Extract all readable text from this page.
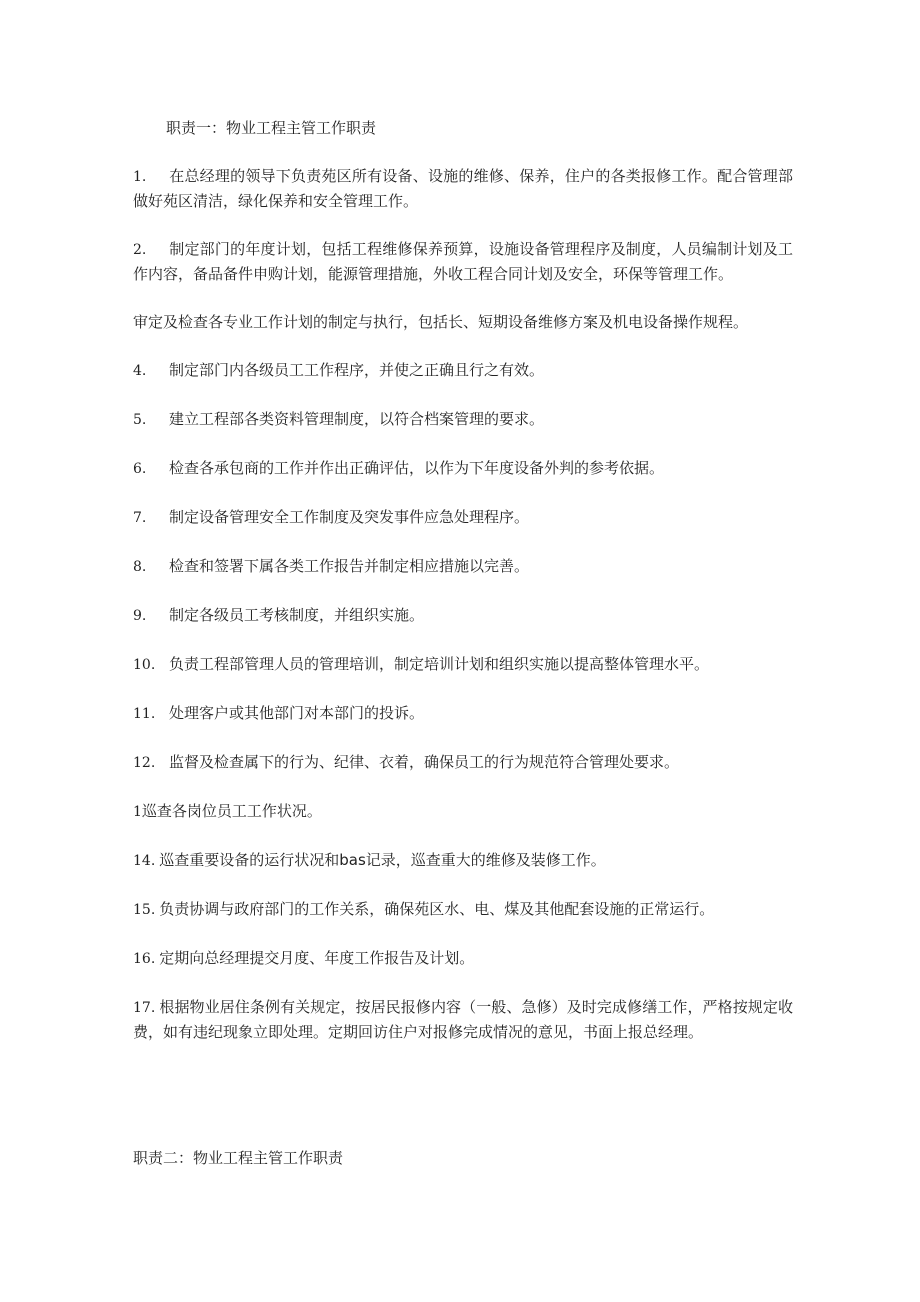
职责一：物业工程主管工作职责
1. 在总经理的领导下负责苑区所有设备、设施的维修、保养，住户的各类报修工作。配合管理部做好苑区清洁，绿化保养和安全管理工作。
2. 制定部门的年度计划，包括工程维修保养预算，设施设备管理程序及制度，人员编制计划及工作内容，备品备件申购计划，能源管理措施，外收工程合同计划及安全，环保等管理工作。
审定及检查各专业工作计划的制定与执行，包括长、短期设备维修方案及机电设备操作规程。
4. 制定部门内各级员工工作程序，并使之正确且行之有效。
5. 建立工程部各类资料管理制度，以符合档案管理的要求。
6. 检查各承包商的工作并作出正确评估，以作为下年度设备外判的参考依据。
7. 制定设备管理安全工作制度及突发事件应急处理程序。
8. 检查和签署下属各类工作报告并制定相应措施以完善。
9. 制定各级员工考核制度，并组织实施。
10. 负责工程部管理人员的管理培训，制定培训计划和组织实施以提高整体管理水平。
11. 处理客户或其他部门对本部门的投诉。
12. 监督及检查属下的行为、纪律、衣着，确保员工的行为规范符合管理处要求。
1巡查各岗位员工工作状况。
14. 巡查重要设备的运行状况和bas记录，巡查重大的维修及装修工作。
15. 负责协调与政府部门的工作关系，确保苑区水、电、煤及其他配套设施的正常运行。
16. 定期向总经理提交月度、年度工作报告及计划。
17. 根据物业居住条例有关规定，按居民报修内容（一般、急修）及时完成修缮工作，严格按规定收费，如有违纪现象立即处理。定期回访住户对报修完成情况的意见，书面上报总经理。
职责二：物业工程主管工作职责
